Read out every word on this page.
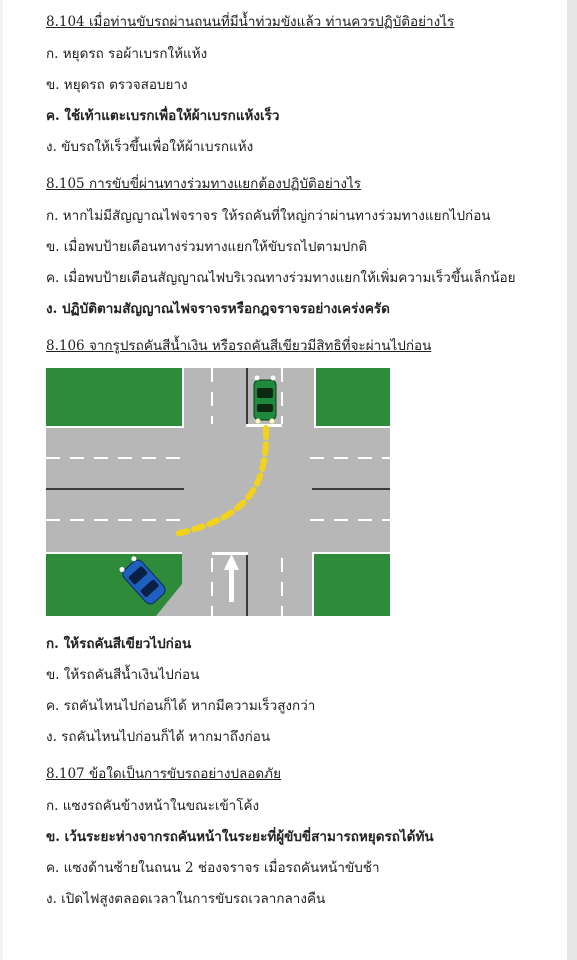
8.104 เมื่อท่านขับรถผ่านถนนที่มีน้ำท่วมขังแล้ว ท่านควรปฏิบัติอย่างไร
ก. หยุดรถ รอผ้าเบรกให้แห้ง
ข. หยุดรถ ตรวจสอบยาง
ค. ใช้เท้าแตะเบรกเพื่อให้ผ้าเบรกแห้งเร็ว
ง. ขับรถให้เร็วขึ้นเพื่อให้ผ้าเบรกแห้ง
8.105 การขับขี่ผ่านทางร่วมทางแยกต้องปฏิบัติอย่างไร
ก. หากไม่มีสัญญาณไฟจราจร ให้รถคันที่ใหญ่กว่าผ่านทางร่วมทางแยกไปก่อน
ข. เมื่อพบป้ายเตือนทางร่วมทางแยกให้ขับรถไปตามปกติ
ค. เมื่อพบป้ายเตือนสัญญาณไฟบริเวณทางร่วมทางแยกให้เพิ่มความเร็วขึ้นเล็กน้อย
ง. ปฏิบัติตามสัญญาณไฟจราจรหรือกฎจราจรอย่างเคร่งครัด
8.106 จากรูปรถคันสีน้ำเงิน หรือรถคันสีเขียวมีสิทธิที่จะผ่านไปก่อน
ก. ให้รถคันสีเขียวไปก่อน
ข. ให้รถคันสีน้ำเงินไปก่อน
ค. รถคันไหนไปก่อนก็ได้ หากมีความเร็วสูงกว่า
ง. รถคันไหนไปก่อนก็ได้ หากมาถึงก่อน
8.107 ข้อใดเป็นการขับรถอย่างปลอดภัย
ก. แซงรถคันข้างหน้าในขณะเข้าโค้ง
ข. เว้นระยะห่างจากรถคันหน้าในระยะที่ผู้ขับขี่สามารถหยุดรถได้ทัน
ค. แซงด้านซ้ายในถนน 2 ช่องจราจร เมื่อรถคันหน้าขับช้า
ง. เปิดไฟสูงตลอดเวลาในการขับรถเวลากลางคืน
